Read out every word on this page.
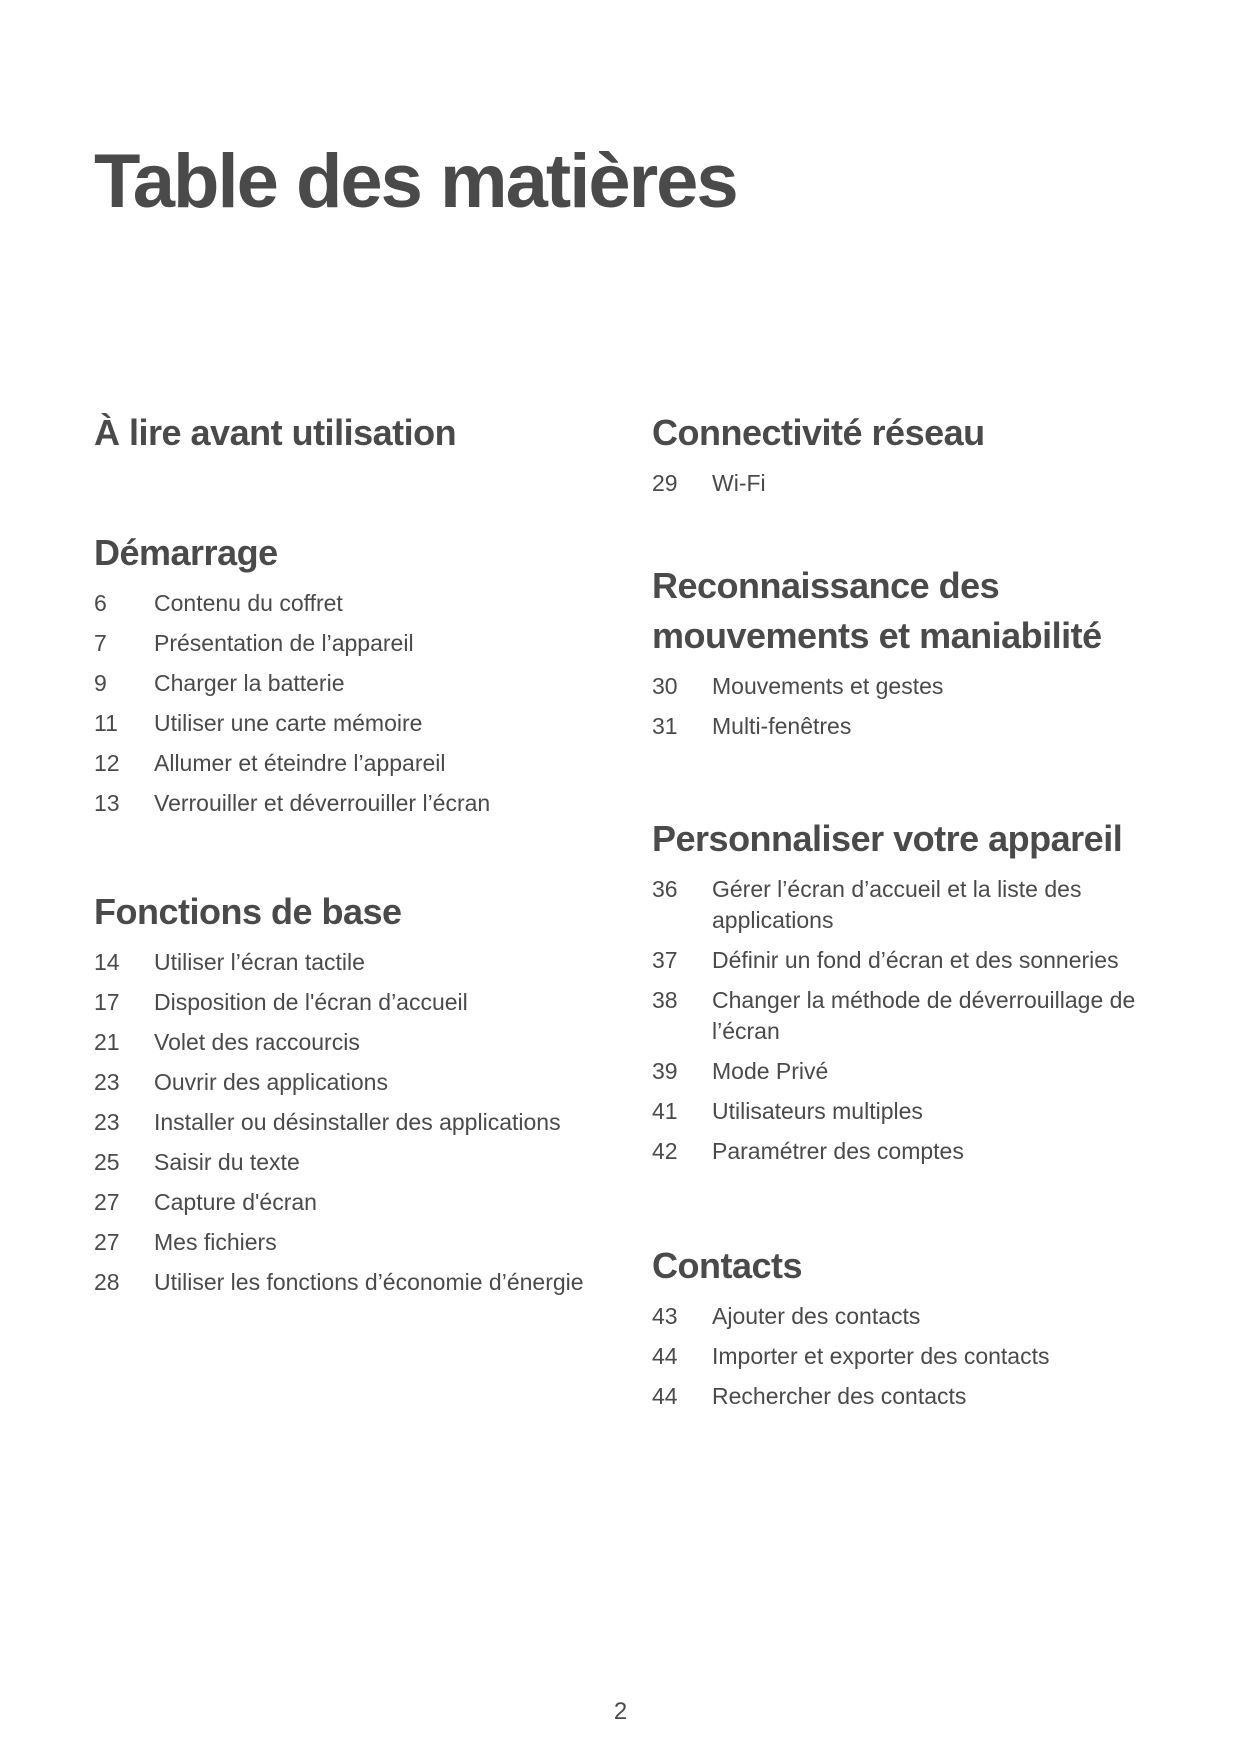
Table des matières
À lire avant utilisation
Démarrage
6	Contenu du coffret
7	Présentation de l’appareil
9	Charger la batterie
11	Utiliser une carte mémoire
12	Allumer et éteindre l’appareil
13	Verrouiller et déverrouiller l’écran
Fonctions de base
14	Utiliser l’écran tactile
17	Disposition de l'écran d’accueil
21	Volet des raccourcis
23	Ouvrir des applications
23	Installer ou désinstaller des applications
25	Saisir du texte
27	Capture d'écran
27	Mes fichiers
28	Utiliser les fonctions d’économie d’énergie
Connectivité réseau
29	Wi-Fi
Reconnaissance des mouvements et maniabilité
30	Mouvements et gestes
31	Multi-fenêtres
Personnaliser votre appareil
36	Gérer l’écran d’accueil et la liste des applications
37	Définir un fond d’écran et des sonneries
38	Changer la méthode de déverrouillage de l’écran
39	Mode Privé
41	Utilisateurs multiples
42	Paramétrer des comptes
Contacts
43	Ajouter des contacts
44	Importer et exporter des contacts
44	Rechercher des contacts
2
